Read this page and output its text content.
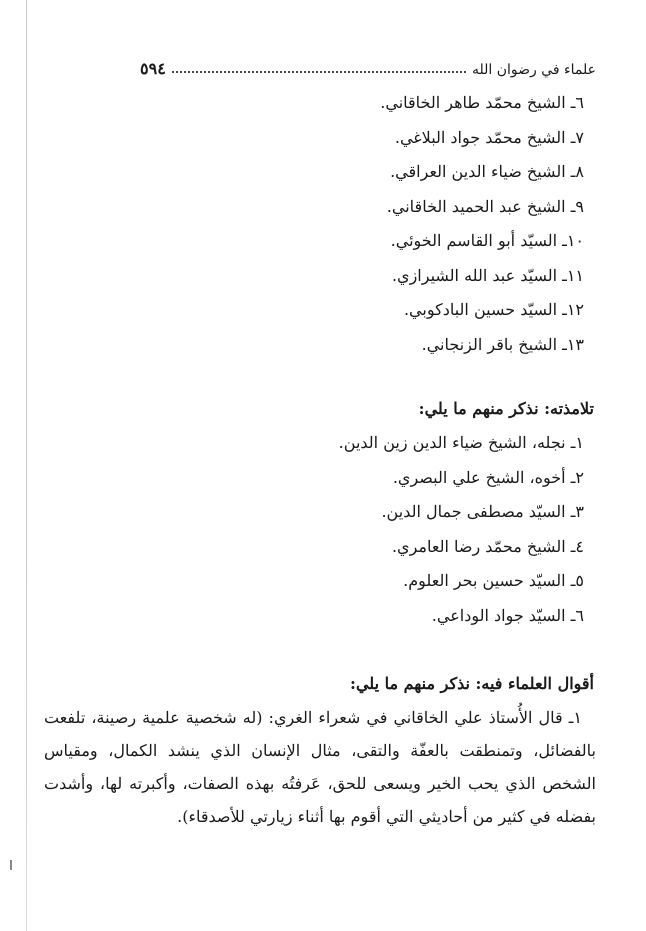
علماء في رضوان الله
٥٩٤
٦ـ الشيخ محمّد طاهر الخاقاني.
٧ـ الشيخ محمّد جواد البلاغي.
٨ـ الشيخ ضياء الدين العراقي.
٩ـ الشيخ عبد الحميد الخاقاني.
١٠ـ السيّد أبو القاسم الخوئي.
١١ـ السيّد عبد الله الشيرازي.
١٢ـ السيّد حسين البادكوبي.
١٣ـ الشيخ باقر الزنجاني.
تلامذته: نذكر منهم ما يلي:
١ـ نجله، الشيخ ضياء الدين زين الدين.
٢ـ أخوه، الشيخ علي البصري.
٣ـ السيّد مصطفى جمال الدين.
٤ـ الشيخ محمّد رضا العامري.
٥ـ السيّد حسين بحر العلوم.
٦ـ السيّد جواد الوداعي.
أقوال العلماء فيه: نذكر منهم ما يلي:

١ـ قال الأُستاذ علي الخاقاني في شعراء الغري: (له شخصية علمية رصينة، تلفعت بالفضائل، وتمنطقت بالعفّة والتقى، مثال الإنسان الذي ينشد الكمال، ومقياس الشخص الذي يحب الخير ويسعى للحق، عَرفتُه بهذه الصفات، وأكبرته لها، وأشدت بفضله في كثير من أحاديثي التي أقوم بها أثناء زيارتي للأصدقاء).
